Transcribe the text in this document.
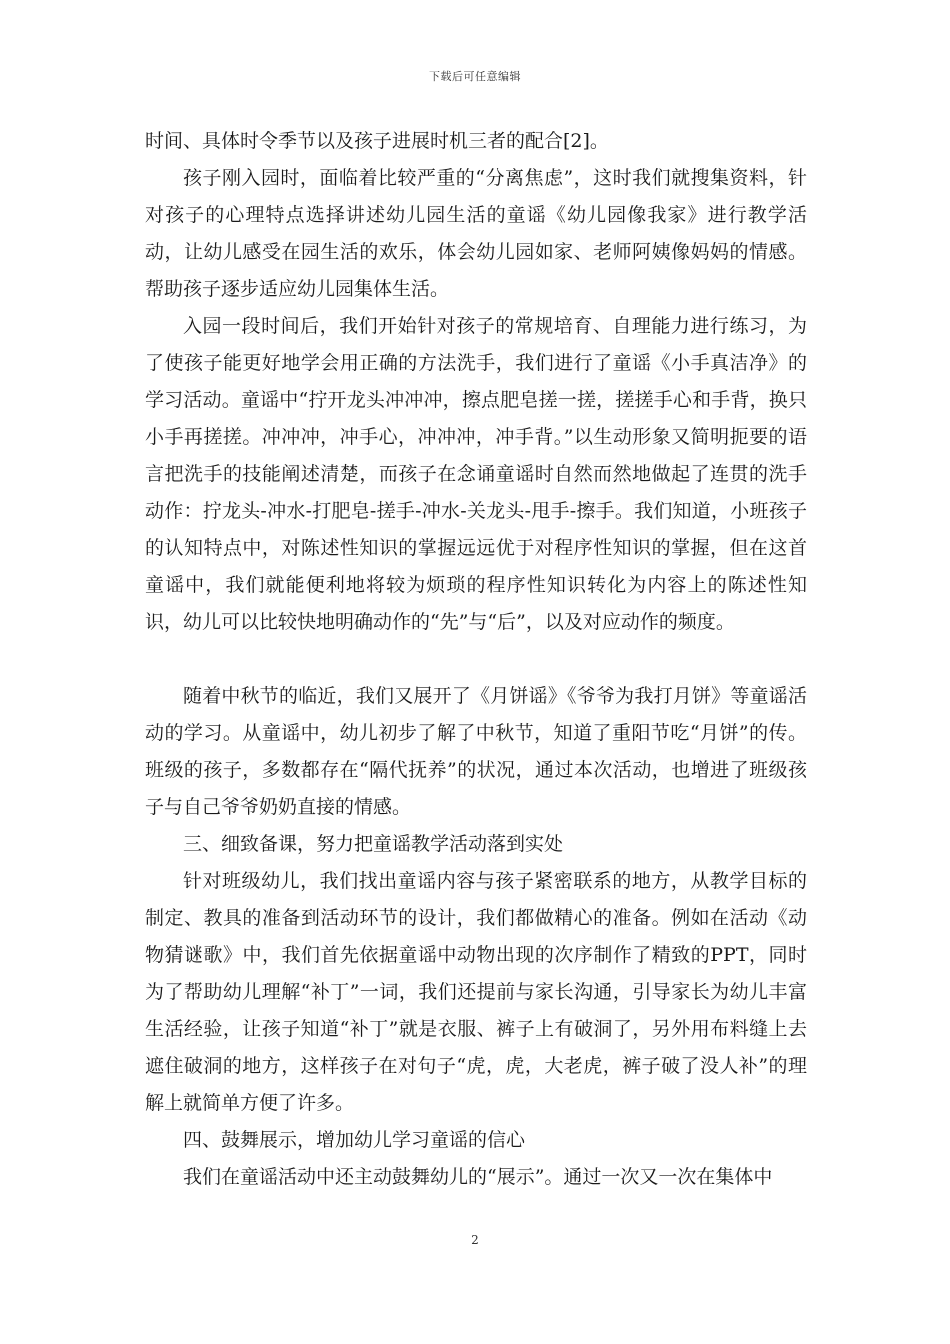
下载后可任意编辑

时间、具体时令季节以及孩子进展时机三者的配合[2]。

孩子刚入园时，面临着比较严重的“分离焦虑”，这时我们就搜集资料，针对孩子的心理特点选择讲述幼儿园生活的童谣《幼儿园像我家》进行教学活动，让幼儿感受在园生活的欢乐，体会幼儿园如家、老师阿姨像妈妈的情感。帮助孩子逐步适应幼儿园集体生活。

入园一段时间后，我们开始针对孩子的常规培育、自理能力进行练习，为了使孩子能更好地学会用正确的方法洗手，我们进行了童谣《小手真洁净》的学习活动。童谣中“拧开龙头冲冲冲，擦点肥皂搓一搓，搓搓手心和手背，换只小手再搓搓。冲冲冲，冲手心，冲冲冲，冲手背。”以生动形象又简明扼要的语言把洗手的技能阐述清楚，而孩子在念诵童谣时自然而然地做起了连贯的洗手动作：拧龙头-冲水-打肥皂-搓手-冲水-关龙头-甩手-擦手。我们知道，小班孩子的认知特点中，对陈述性知识的掌握远远优于对程序性知识的掌握，但在这首童谣中，我们就能便利地将较为烦琐的程序性知识转化为内容上的陈述性知识，幼儿可以比较快地明确动作的“先”与“后”，以及对应动作的频度。

随着中秋节的临近，我们又展开了《月饼谣》《爷爷为我打月饼》等童谣活动的学习。从童谣中，幼儿初步了解了中秋节，知道了重阳节吃“月饼”的传。班级的孩子，多数都存在“隔代抚养”的状况，通过本次活动，也增进了班级孩子与自己爷爷奶奶直接的情感。

三、细致备课，努力把童谣教学活动落到实处

针对班级幼儿，我们找出童谣内容与孩子紧密联系的地方，从教学目标的制定、教具的准备到活动环节的设计，我们都做精心的准备。例如在活动《动物猜谜歌》中，我们首先依据童谣中动物出现的次序制作了精致的PPT，同时为了帮助幼儿理解“补丁”一词，我们还提前与家长沟通，引导家长为幼儿丰富生活经验，让孩子知道“补丁”就是衣服、裤子上有破洞了，另外用布料缝上去遮住破洞的地方，这样孩子在对句子“虎，虎，大老虎，裤子破了没人补”的理解上就简单方便了许多。

四、鼓舞展示，增加幼儿学习童谣的信心

我们在童谣活动中还主动鼓舞幼儿的“展示”。通过一次又一次在集体中

2
